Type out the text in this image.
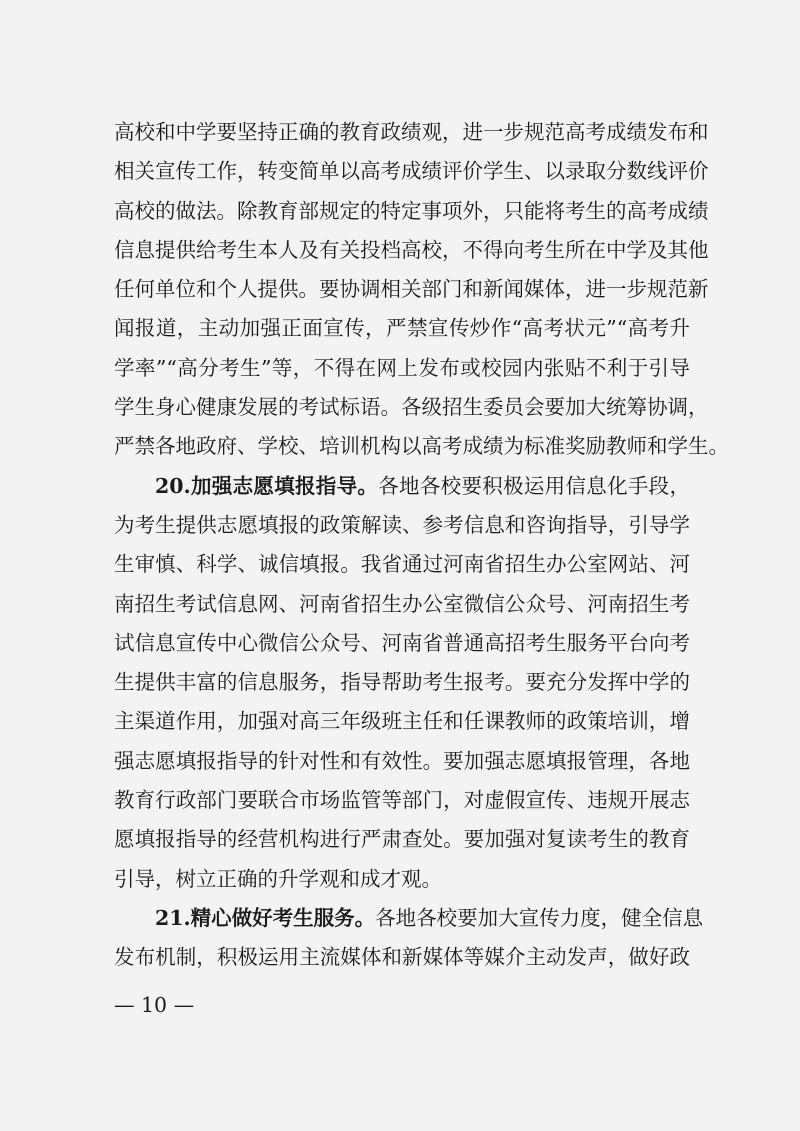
高校和中学要坚持正确的教育政绩观，进一步规范高考成绩发布和
相关宣传工作，转变简单以高考成绩评价学生、以录取分数线评价
高校的做法。除教育部规定的特定事项外，只能将考生的高考成绩
信息提供给考生本人及有关投档高校，不得向考生所在中学及其他
任何单位和个人提供。要协调相关部门和新闻媒体，进一步规范新
闻报道，主动加强正面宣传，严禁宣传炒作“高考状元”“高考升
学率”“高分考生”等，不得在网上发布或校园内张贴不利于引导
学生身心健康发展的考试标语。各级招生委员会要加大统筹协调，
严禁各地政府、学校、培训机构以高考成绩为标准奖励教师和学生。
20.加强志愿填报指导。各地各校要积极运用信息化手段，
为考生提供志愿填报的政策解读、参考信息和咨询指导，引导学
生审慎、科学、诚信填报。我省通过河南省招生办公室网站、河
南招生考试信息网、河南省招生办公室微信公众号、河南招生考
试信息宣传中心微信公众号、河南省普通高招考生服务平台向考
生提供丰富的信息服务，指导帮助考生报考。要充分发挥中学的
主渠道作用，加强对高三年级班主任和任课教师的政策培训，增
强志愿填报指导的针对性和有效性。要加强志愿填报管理，各地
教育行政部门要联合市场监管等部门，对虚假宣传、违规开展志
愿填报指导的经营机构进行严肃查处。要加强对复读考生的教育
引导，树立正确的升学观和成才观。
21.精心做好考生服务。各地各校要加大宣传力度，健全信息
发布机制，积极运用主流媒体和新媒体等媒介主动发声，做好政
— 10 —
